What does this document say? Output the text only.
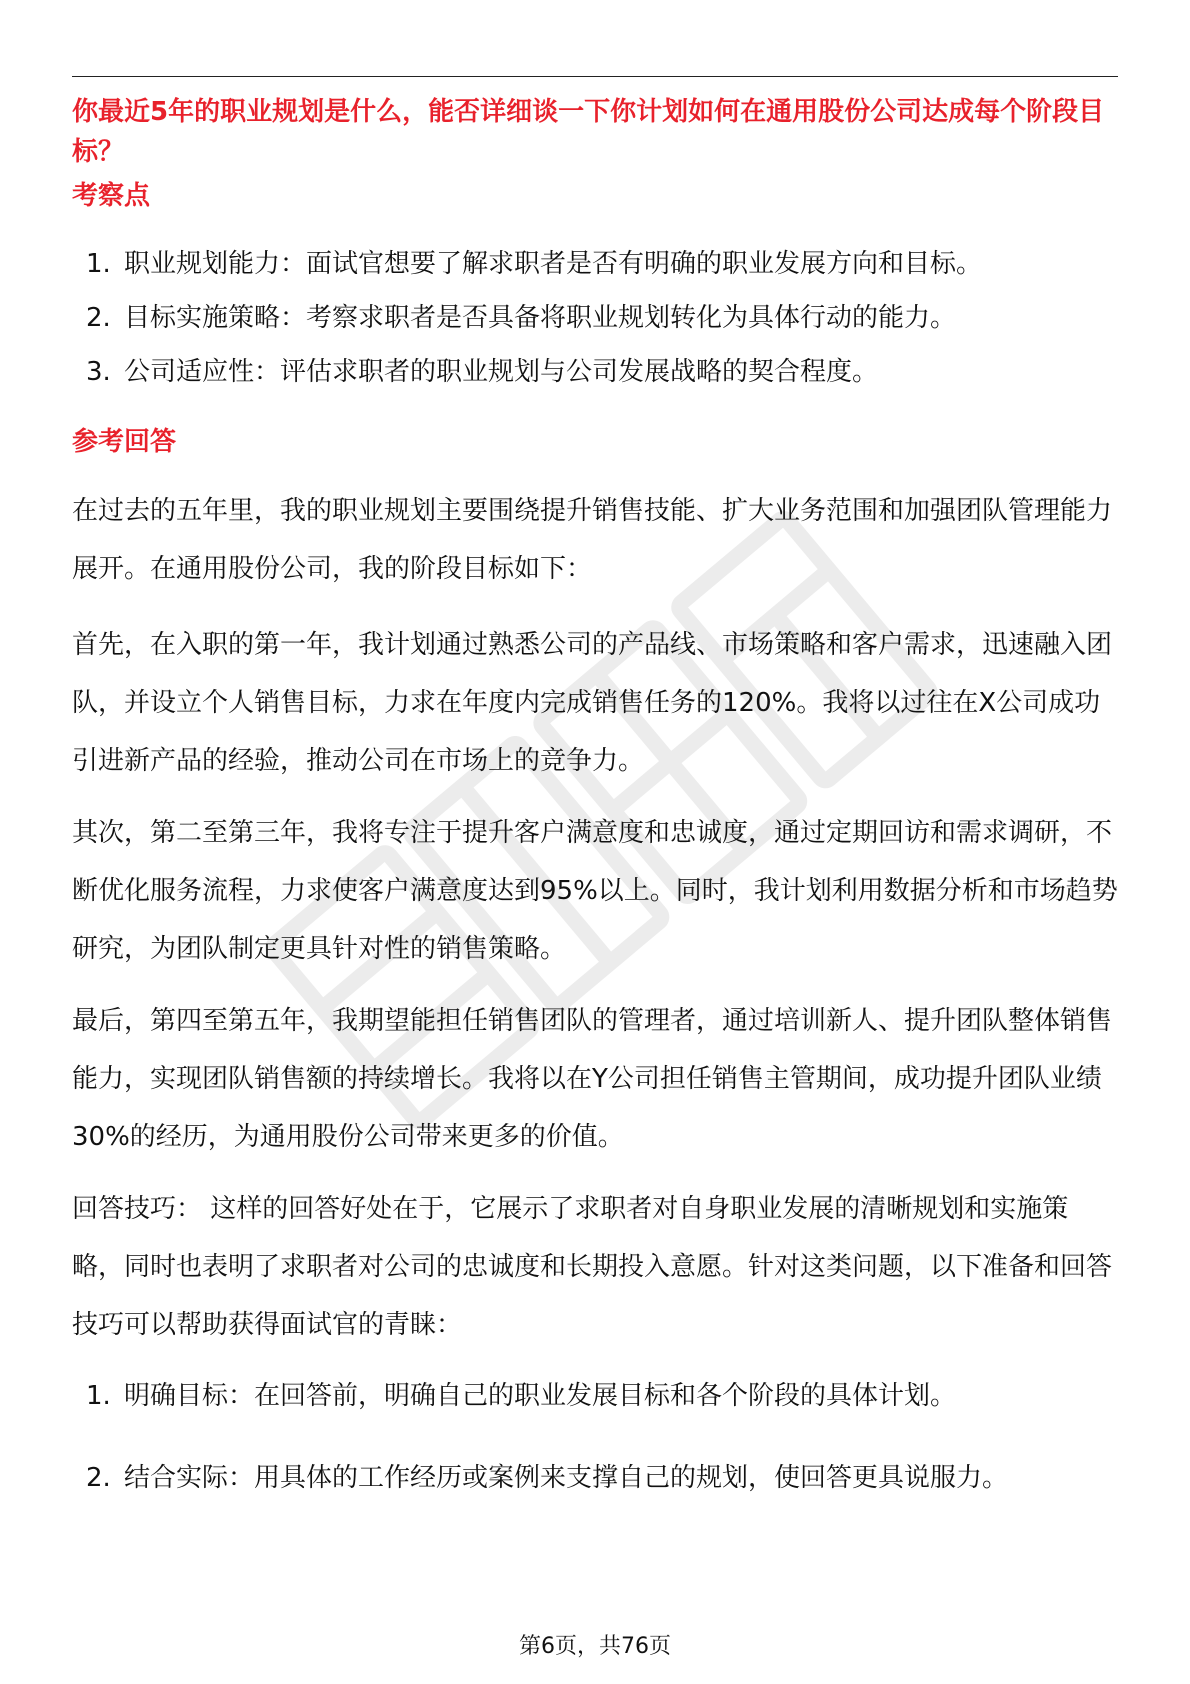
你最近5年的职业规划是什么，能否详细谈一下你计划如何在通用股份公司达成每个阶段目标？
考察点
1. 职业规划能力：面试官想要了解求职者是否有明确的职业发展方向和目标。
2. 目标实施策略：考察求职者是否具备将职业规划转化为具体行动的能力。
3. 公司适应性：评估求职者的职业规划与公司发展战略的契合程度。
参考回答

在过去的五年里，我的职业规划主要围绕提升销售技能、扩大业务范围和加强团队管理能力展开。在通用股份公司，我的阶段目标如下：

首先，在入职的第一年，我计划通过熟悉公司的产品线、市场策略和客户需求，迅速融入团队，并设立个人销售目标，力求在年度内完成销售任务的120%。我将以过往在X公司成功引进新产品的经验，推动公司在市场上的竞争力。

其次，第二至第三年，我将专注于提升客户满意度和忠诚度，通过定期回访和需求调研，不断优化服务流程，力求使客户满意度达到95%以上。同时，我计划利用数据分析和市场趋势研究，为团队制定更具针对性的销售策略。

最后，第四至第五年，我期望能担任销售团队的管理者，通过培训新人、提升团队整体销售能力，实现团队销售额的持续增长。我将以在Y公司担任销售主管期间，成功提升团队业绩30%的经历，为通用股份公司带来更多的价值。

回答技巧： 这样的回答好处在于，它展示了求职者对自身职业发展的清晰规划和实施策略，同时也表明了求职者对公司的忠诚度和长期投入意愿。针对这类问题，以下准备和回答技巧可以帮助获得面试官的青睐：

1. 明确目标：在回答前，明确自己的职业发展目标和各个阶段的具体计划。
2. 结合实际：用具体的工作经历或案例来支撑自己的规划，使回答更具说服力。
第6页，共76页
